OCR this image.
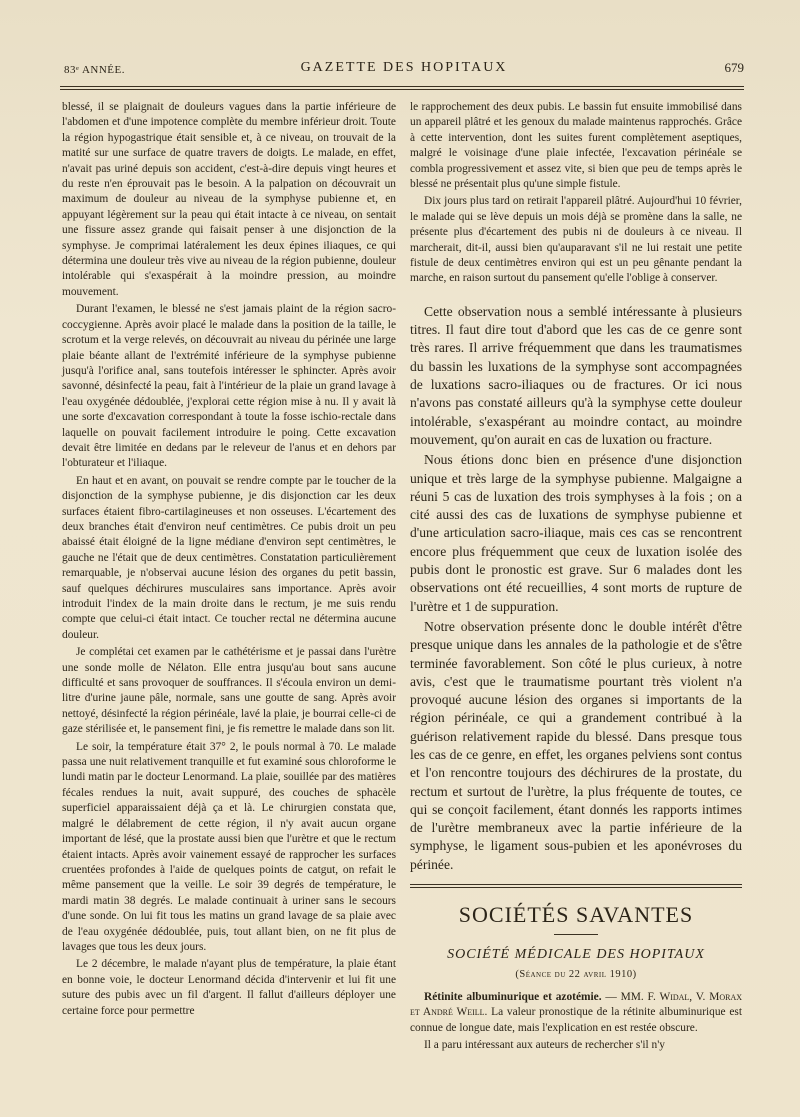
83ᵉ ANNÉE.	GAZETTE DES HOPITAUX	679

blessé, il se plaignait de douleurs vagues dans la partie inférieure de l'abdomen et d'une impotence complète du membre inférieur droit. Toute la région hypogastrique était sensible et, à ce niveau, on trouvait de la matité sur une surface de quatre travers de doigts. Le malade, en effet, n'avait pas uriné depuis son accident, c'est-à-dire depuis vingt heures et du reste n'en éprouvait pas le besoin. A la palpation on découvrait un maximum de douleur au niveau de la symphyse pubienne et, en appuyant légèrement sur la peau qui était intacte à ce niveau, on sentait une fissure assez grande qui faisait penser à une disjonction de la symphyse. Je comprimai latéralement les deux épines iliaques, ce qui détermina une douleur très vive au niveau de la région pubienne, douleur intolérable qui s'exaspérait à la moindre pression, au moindre mouvement.

Durant l'examen, le blessé ne s'est jamais plaint de la région sacro-coccygienne. Après avoir placé le malade dans la position de la taille, le scrotum et la verge relevés, on découvrait au niveau du périnée une large plaie béante allant de l'extrémité inférieure de la symphyse pubienne jusqu'à l'orifice anal, sans toutefois intéresser le sphincter. Après avoir savonné, désinfecté la peau, fait à l'intérieur de la plaie un grand lavage à l'eau oxygénée dédoublée, j'explorai cette région mise à nu. Il y avait là une sorte d'excavation correspondant à toute la fosse ischio-rectale dans laquelle on pouvait facilement introduire le poing. Cette excavation devait être limitée en dedans par le releveur de l'anus et en dehors par l'obturateur et l'iliaque.

En haut et en avant, on pouvait se rendre compte par le toucher de la disjonction de la symphyse pubienne, je dis disjonction car les deux surfaces étaient fibro-cartilagineuses et non osseuses. L'écartement des deux branches était d'environ neuf centimètres. Ce pubis droit un peu abaissé était éloigné de la ligne médiane d'environ sept centimètres, le gauche ne l'était que de deux centimètres. Constatation particulièrement remarquable, je n'observai aucune lésion des organes du petit bassin, sauf quelques déchirures musculaires sans importance. Après avoir introduit l'index de la main droite dans le rectum, je me suis rendu compte que celui-ci était intact. Ce toucher rectal ne détermina aucune douleur.

Je complétai cet examen par le cathétérisme et je passai dans l'urètre une sonde molle de Nélaton. Elle entra jusqu'au bout sans aucune difficulté et sans provoquer de souffrances. Il s'écoula environ un demi-litre d'urine jaune pâle, normale, sans une goutte de sang. Après avoir nettoyé, désinfecté la région périnéale, lavé la plaie, je bourrai celle-ci de gaze stérilisée et, le pansement fini, je fis remettre le malade dans son lit.

Le soir, la température était 37° 2, le pouls normal à 70. Le malade passa une nuit relativement tranquille et fut examiné sous chloroforme le lundi matin par le docteur Lenormand. La plaie, souillée par des matières fécales rendues la nuit, avait suppuré, des couches de sphacèle superficiel apparaissaient déjà ça et là. Le chirurgien constata que, malgré le délabrement de cette région, il n'y avait aucun organe important de lésé, que la prostate aussi bien que l'urètre et que le rectum étaient intacts. Après avoir vainement essayé de rapprocher les surfaces cruentées profondes à l'aide de quelques points de catgut, on refait le même pansement que la veille. Le soir 39 degrés de température, le mardi matin 38 degrés. Le malade continuait à uriner sans le secours d'une sonde. On lui fit tous les matins un grand lavage de sa plaie avec de l'eau oxygénée dédoublée, puis, tout allant bien, on ne fit plus de lavages que tous les deux jours.

Le 2 décembre, le malade n'ayant plus de température, la plaie étant en bonne voie, le docteur Lenormand décida d'intervenir et lui fit une suture des pubis avec un fil d'argent. Il fallut d'ailleurs déployer une certaine force pour permettre

le rapprochement des deux pubis. Le bassin fut ensuite immobilisé dans un appareil plâtré et les genoux du malade maintenus rapprochés. Grâce à cette intervention, dont les suites furent complètement aseptiques, malgré le voisinage d'une plaie infectée, l'excavation périnéale se combla progressivement et assez vite, si bien que peu de temps après le blessé ne présentait plus qu'une simple fistule.

Dix jours plus tard on retirait l'appareil plâtré. Aujourd'hui 10 février, le malade qui se lève depuis un mois déjà se promène dans la salle, ne présente plus d'écartement des pubis ni de douleurs à ce niveau. Il marcherait, dit-il, aussi bien qu'auparavant s'il ne lui restait une petite fistule de deux centimètres environ qui est un peu gênante pendant la marche, en raison surtout du pansement qu'elle l'oblige à conserver.

Cette observation nous a semblé intéressante à plusieurs titres. Il faut dire tout d'abord que les cas de ce genre sont très rares. Il arrive fréquemment que dans les traumatismes du bassin les luxations de la symphyse sont accompagnées de luxations sacro-iliaques ou de fractures. Or ici nous n'avons pas constaté ailleurs qu'à la symphyse cette douleur intolérable, s'exaspérant au moindre contact, au moindre mouvement, qu'on aurait en cas de luxation ou fracture.

Nous étions donc bien en présence d'une disjonction unique et très large de la symphyse pubienne. Malgaigne a réuni 5 cas de luxation des trois symphyses à la fois ; on a cité aussi des cas de luxations de symphyse pubienne et d'une articulation sacro-iliaque, mais ces cas se rencontrent encore plus fréquemment que ceux de luxation isolée des pubis dont le pronostic est grave. Sur 6 malades dont les observations ont été recueillies, 4 sont morts de rupture de l'urètre et 1 de suppuration.

Notre observation présente donc le double intérêt d'être presque unique dans les annales de la pathologie et de s'être terminée favorablement. Son côté le plus curieux, à notre avis, c'est que le traumatisme pourtant très violent n'a provoqué aucune lésion des organes si importants de la région périnéale, ce qui a grandement contribué à la guérison relativement rapide du blessé. Dans presque tous les cas de ce genre, en effet, les organes pelviens sont contus et l'on rencontre toujours des déchirures de la prostate, du rectum et surtout de l'urètre, la plus fréquente de toutes, ce qui se conçoit facilement, étant donnés les rapports intimes de l'urètre membraneux avec la partie inférieure de la symphyse, le ligament sous-pubien et les aponévroses du périnée.

SOCIÉTÉS SAVANTES
SOCIÉTÉ MÉDICALE DES HOPITAUX
(Séance du 22 avril 1910)

Rétinite albuminurique et azotémie. — MM. F. Widal, V. Morax et André Weill. La valeur pronostique de la rétinite albuminurique est connue de longue date, mais l'explication en est restée obscure.

Il a paru intéressant aux auteurs de rechercher s'il n'y
